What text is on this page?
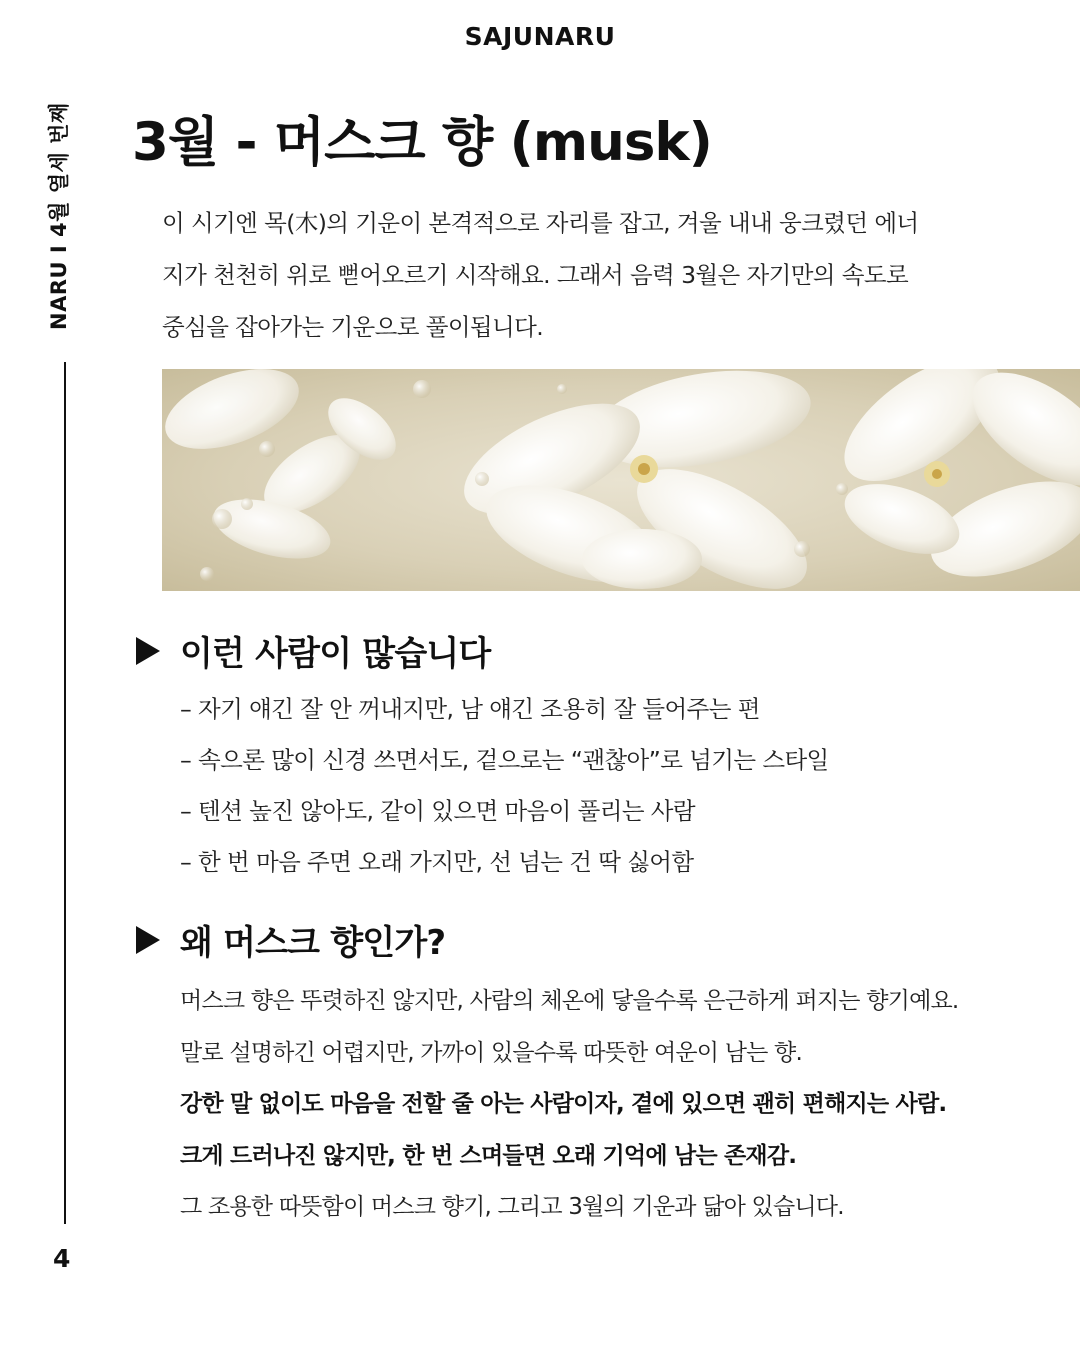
SAJUNARU
NARU I 4월 열세 번째
4
3월 - 머스크 향 (musk)

이 시기엔 목(木)의 기운이 본격적으로 자리를 잡고, 겨울 내내 웅크렸던 에너

지가 천천히 위로 뻗어오르기 시작해요. 그래서 음력 3월은 자기만의 속도로

중심을 잡아가는 기운으로 풀이됩니다.

이런 사람이 많습니다
– 자기 얘긴 잘 안 꺼내지만, 남 얘긴 조용히 잘 들어주는 편
– 속으론 많이 신경 쓰면서도, 겉으로는 “괜찮아”로 넘기는 스타일
– 텐션 높진 않아도, 같이 있으면 마음이 풀리는 사람
– 한 번 마음 주면 오래 가지만, 선 넘는 건 딱 싫어함
왜 머스크 향인가?
머스크 향은 뚜렷하진 않지만, 사람의 체온에 닿을수록 은근하게 퍼지는 향기예요.
말로 설명하긴 어렵지만, 가까이 있을수록 따뜻한 여운이 남는 향.
강한 말 없이도 마음을 전할 줄 아는 사람이자, 곁에 있으면 괜히 편해지는 사람.
크게 드러나진 않지만, 한 번 스며들면 오래 기억에 남는 존재감.
그 조용한 따뜻함이 머스크 향기, 그리고 3월의 기운과 닮아 있습니다.
